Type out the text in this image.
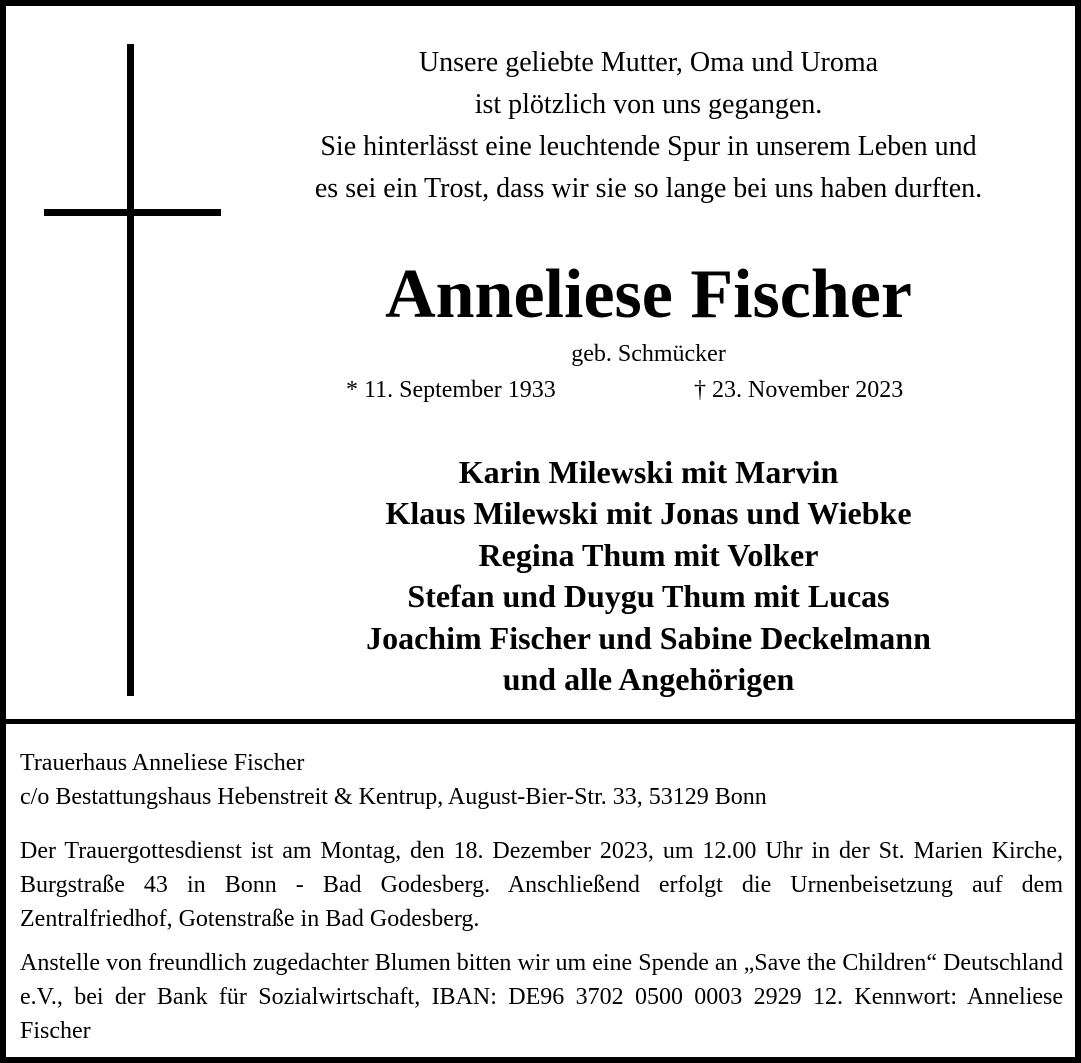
Unsere geliebte Mutter, Oma und Uroma
ist plötzlich von uns gegangen.
Sie hinterlässt eine leuchtende Spur in unserem Leben und
es sei ein Trost, dass wir sie so lange bei uns haben durften.
Anneliese Fischer
geb. Schmücker
* 11. September 1933	† 23. November 2023
Karin Milewski mit Marvin
Klaus Milewski mit Jonas und Wiebke
Regina Thum mit Volker
Stefan und Duygu Thum mit Lucas
Joachim Fischer und Sabine Deckelmann
und alle Angehörigen
Trauerhaus Anneliese Fischer
c/o Bestattungshaus Hebenstreit & Kentrup, August-Bier-Str. 33, 53129 Bonn
Der Trauergottesdienst ist am Montag, den 18. Dezember 2023, um 12.00 Uhr in der St. Marien Kirche, Burgstraße 43 in Bonn - Bad Godesberg. Anschließend erfolgt die Urnenbeisetzung auf dem Zentralfriedhof, Gotenstraße in Bad Godesberg.
Anstelle von freundlich zugedachter Blumen bitten wir um eine Spende an „Save the Children“ Deutschland e.V., bei der Bank für Sozialwirtschaft, IBAN: DE96 3702 0500 0003 2929 12. Kennwort: Anneliese Fischer
